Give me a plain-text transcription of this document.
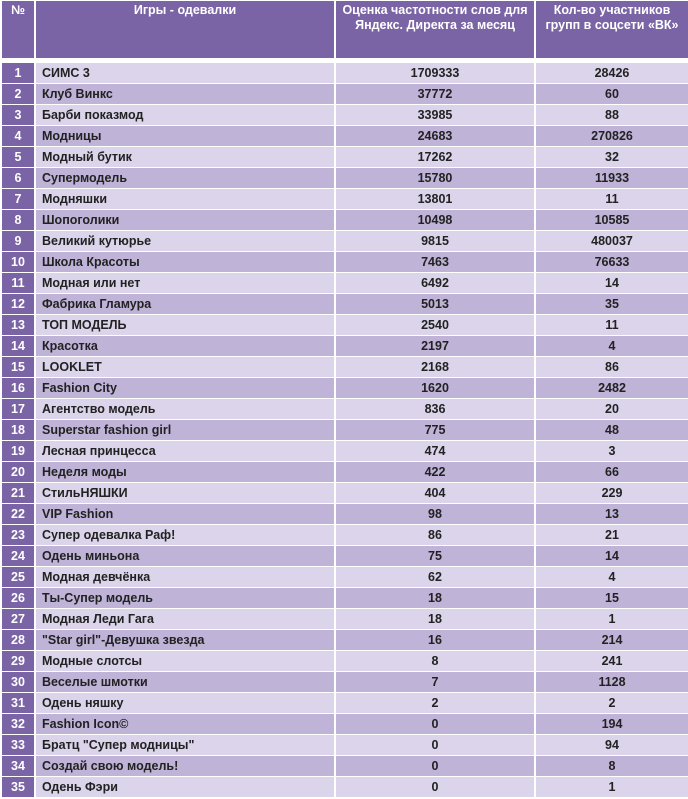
№	Игры - одевалки	Оценка частотности слов для Яндекс. Директа за месяц	Кол-во участников групп в соцсети «ВК»

1	СИМС 3	1709333	28426
2	Клуб Винкс	37772	60
3	Барби показмод	33985	88
4	Модницы	24683	270826
5	Модный бутик	17262	32
6	Супермодель	15780	11933
7	Модняшки	13801	11
8	Шопоголики	10498	10585
9	Великий кутюрье	9815	480037
10	Школа Красоты	7463	76633
11	Модная или нет	6492	14
12	Фабрика Гламура	5013	35
13	ТОП МОДЕЛЬ	2540	11
14	Красотка	2197	4
15	LOOKLET	2168	86
16	Fashion City	1620	2482
17	Агентство модель	836	20
18	Superstar fashion girl	775	48
19	Лесная принцесса	474	3
20	Неделя моды	422	66
21	СтильНЯШКИ	404	229
22	VIP Fashion	98	13
23	Супер одевалка Раф!	86	21
24	Одень миньона	75	14
25	Модная девчёнка	62	4
26	Ты-Супер модель	18	15
27	Модная Леди Гага	18	1
28	"Star girl"-Девушка звезда	16	214
29	Модные слотсы	8	241
30	Веселые шмотки	7	1128
31	Одень няшку	2	2
32	Fashion Icon©	0	194
33	Братц "Супер модницы"	0	94
34	Создай свою модель!	0	8
35	Одень Фэри	0	1
